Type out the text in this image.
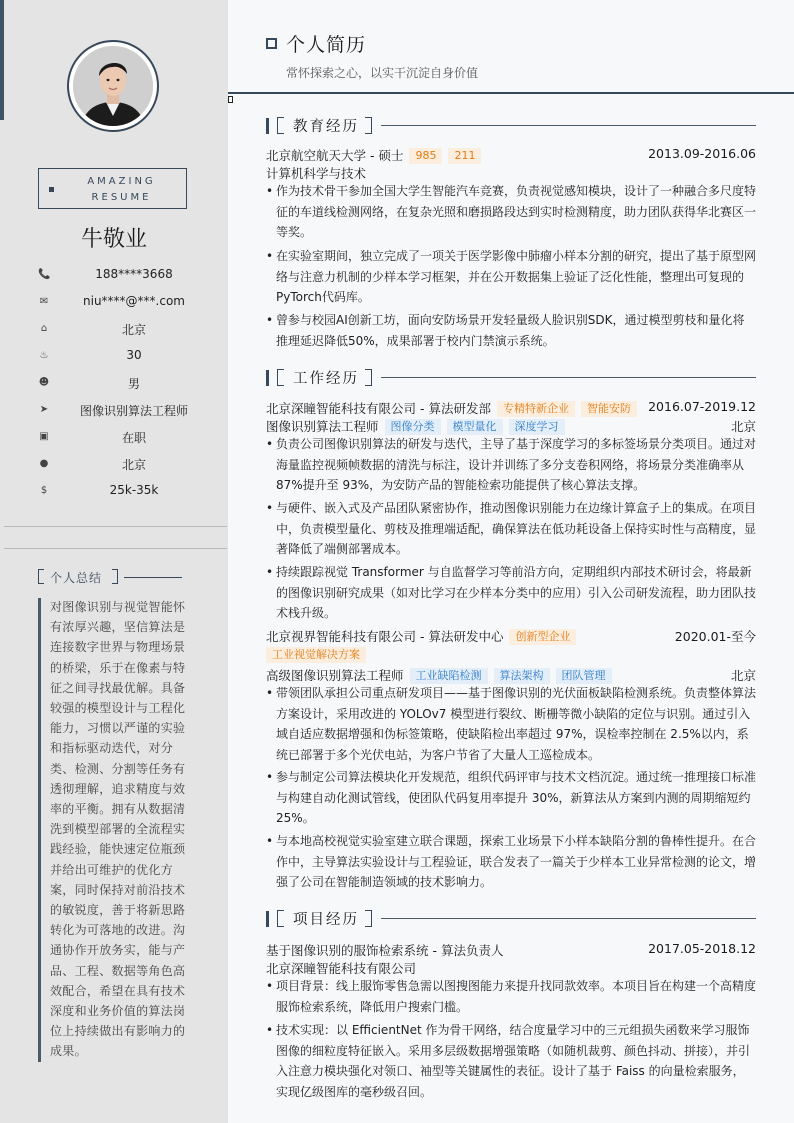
AMAZING
RESUME
牛敬业
📞	188****3668
✉	niu****@***.com
⌂	北京
♨	30
☻	男
➤	图像识别算法工程师
▣	在职
●	北京
$	25k-35k
个人总结
对图像识别与视觉智能怀有浓厚兴趣，坚信算法是连接数字世界与物理场景的桥梁，乐于在像素与特征之间寻找最优解。具备较强的模型设计与工程化能力，习惯以严谨的实验和指标驱动迭代，对分类、检测、分割等任务有透彻理解，追求精度与效率的平衡。拥有从数据清洗到模型部署的全流程实践经验，能快速定位瓶颈并给出可维护的优化方案，同时保持对前沿技术的敏锐度，善于将新思路转化为可落地的改进。沟通协作开放务实，能与产品、工程、数据等角色高效配合，希望在具有技术深度和业务价值的算法岗位上持续做出有影响力的成果。
个人简历
常怀探索之心，以实干沉淀自身价值
教育经历
北京航空航天大学 - 硕士 985 211	2013.09-2016.06
计算机科学与技术
• 作为技术骨干参加全国大学生智能汽车竞赛，负责视觉感知模块，设计了一种融合多尺度特征的车道线检测网络，在复杂光照和磨损路段达到实时检测精度，助力团队获得华北赛区一等奖。
• 在实验室期间，独立完成了一项关于医学影像中肺瘤小样本分割的研究，提出了基于原型网络与注意力机制的少样本学习框架，并在公开数据集上验证了泛化性能，整理出可复现的PyTorch代码库。
• 曾参与校园AI创新工坊，面向安防场景开发轻量级人脸识别SDK，通过模型剪枝和量化将推理延迟降低50%，成果部署于校内门禁演示系统。
工作经历
北京深瞳智能科技有限公司 - 算法研发部 专精特新企业 智能安防	2016.07-2019.12
图像识别算法工程师 图像分类 模型量化 深度学习	北京
• 负责公司图像识别算法的研发与迭代，主导了基于深度学习的多标签场景分类项目。通过对海量监控视频帧数据的清洗与标注，设计并训练了多分支卷积网络，将场景分类准确率从 87%提升至 93%，为安防产品的智能检索功能提供了核心算法支撑。
• 与硬件、嵌入式及产品团队紧密协作，推动图像识别能力在边缘计算盒子上的集成。在项目中，负责模型量化、剪枝及推理端适配，确保算法在低功耗设备上保持实时性与高精度，显著降低了端侧部署成本。
• 持续跟踪视觉 Transformer 与自监督学习等前沿方向，定期组织内部技术研讨会，将最新的图像识别研究成果（如对比学习在少样本分类中的应用）引入公司研发流程，助力团队技术栈升级。
北京视界智能科技有限公司 - 算法研发中心 创新型企业	2020.01-至今
工业视觉解决方案
高级图像识别算法工程师 工业缺陷检测 算法架构 团队管理	北京
• 带领团队承担公司重点研发项目——基于图像识别的光伏面板缺陷检测系统。负责整体算法方案设计，采用改进的 YOLOv7 模型进行裂纹、断栅等微小缺陷的定位与识别。通过引入域自适应数据增强和伪标签策略，使缺陷检出率超过 97%，误检率控制在 2.5%以内，系统已部署于多个光伏电站，为客户节省了大量人工巡检成本。
• 参与制定公司算法模块化开发规范，组织代码评审与技术文档沉淀。通过统一推理接口标准与构建自动化测试管线，使团队代码复用率提升 30%，新算法从方案到内测的周期缩短约 25%。
• 与本地高校视觉实验室建立联合课题，探索工业场景下小样本缺陷分割的鲁棒性提升。在合作中，主导算法实验设计与工程验证，联合发表了一篇关于少样本工业异常检测的论文，增强了公司在智能制造领域的技术影响力。
项目经历
基于图像识别的服饰检索系统 - 算法负责人	2017.05-2018.12
北京深瞳智能科技有限公司
• 项目背景：线上服饰零售急需以图搜图能力来提升找同款效率。本项目旨在构建一个高精度服饰检索系统，降低用户搜索门槛。
• 技术实现：以 EfficientNet 作为骨干网络，结合度量学习中的三元组损失函数来学习服饰图像的细粒度特征嵌入。采用多层级数据增强策略（如随机裁剪、颜色抖动、拼接），并引入注意力模块强化对领口、袖型等关键属性的表征。设计了基于 Faiss 的向量检索服务，实现亿级图库的毫秒级召回。
